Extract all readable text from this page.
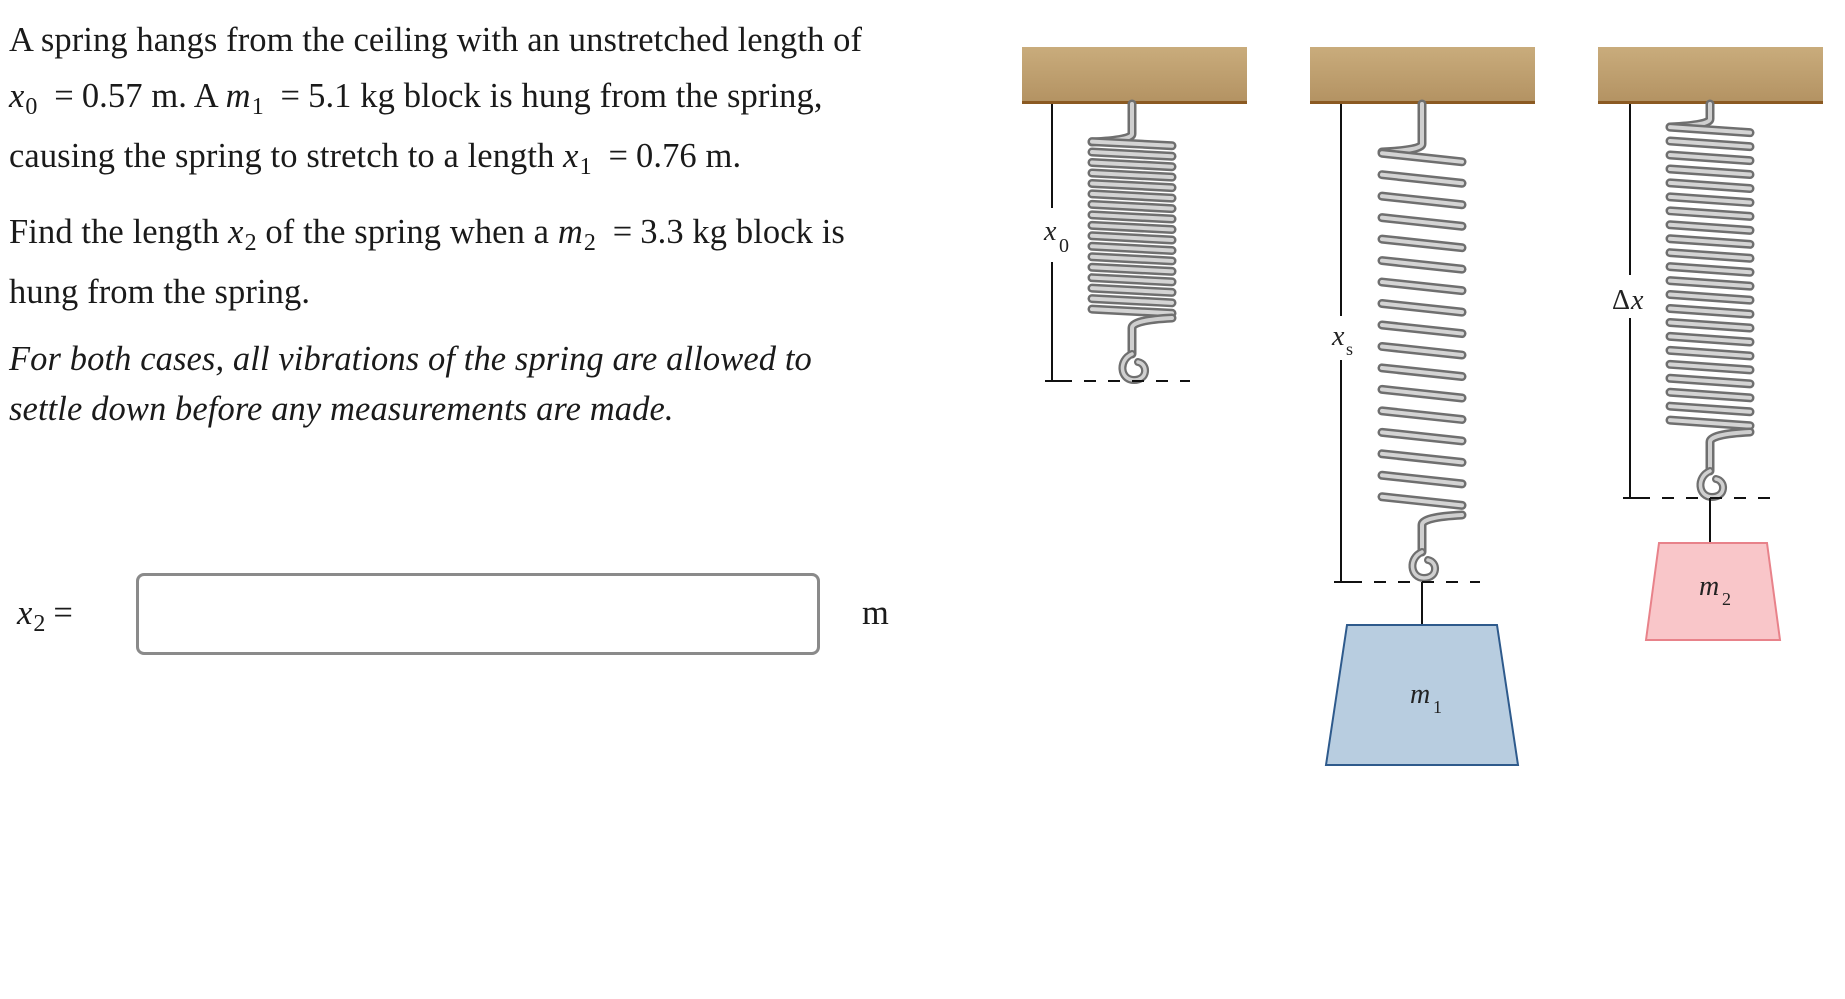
A spring hangs from the ceiling with an unstretched length of
$x_0 = 0.57$ m. A $m_1 = 5.1$ kg block is hung from the spring,
causing the spring to stretch to a length $x_1 = 0.76$ m.

Find the length $x_2$ of the spring when a $m_2 = 3.3$ kg block is
hung from the spring.

For both cases, all vibrations of the spring are allowed to
settle down before any measurements are made.

$x_2$ =	m
x 0
x s
Δ x
m 1
m 2
